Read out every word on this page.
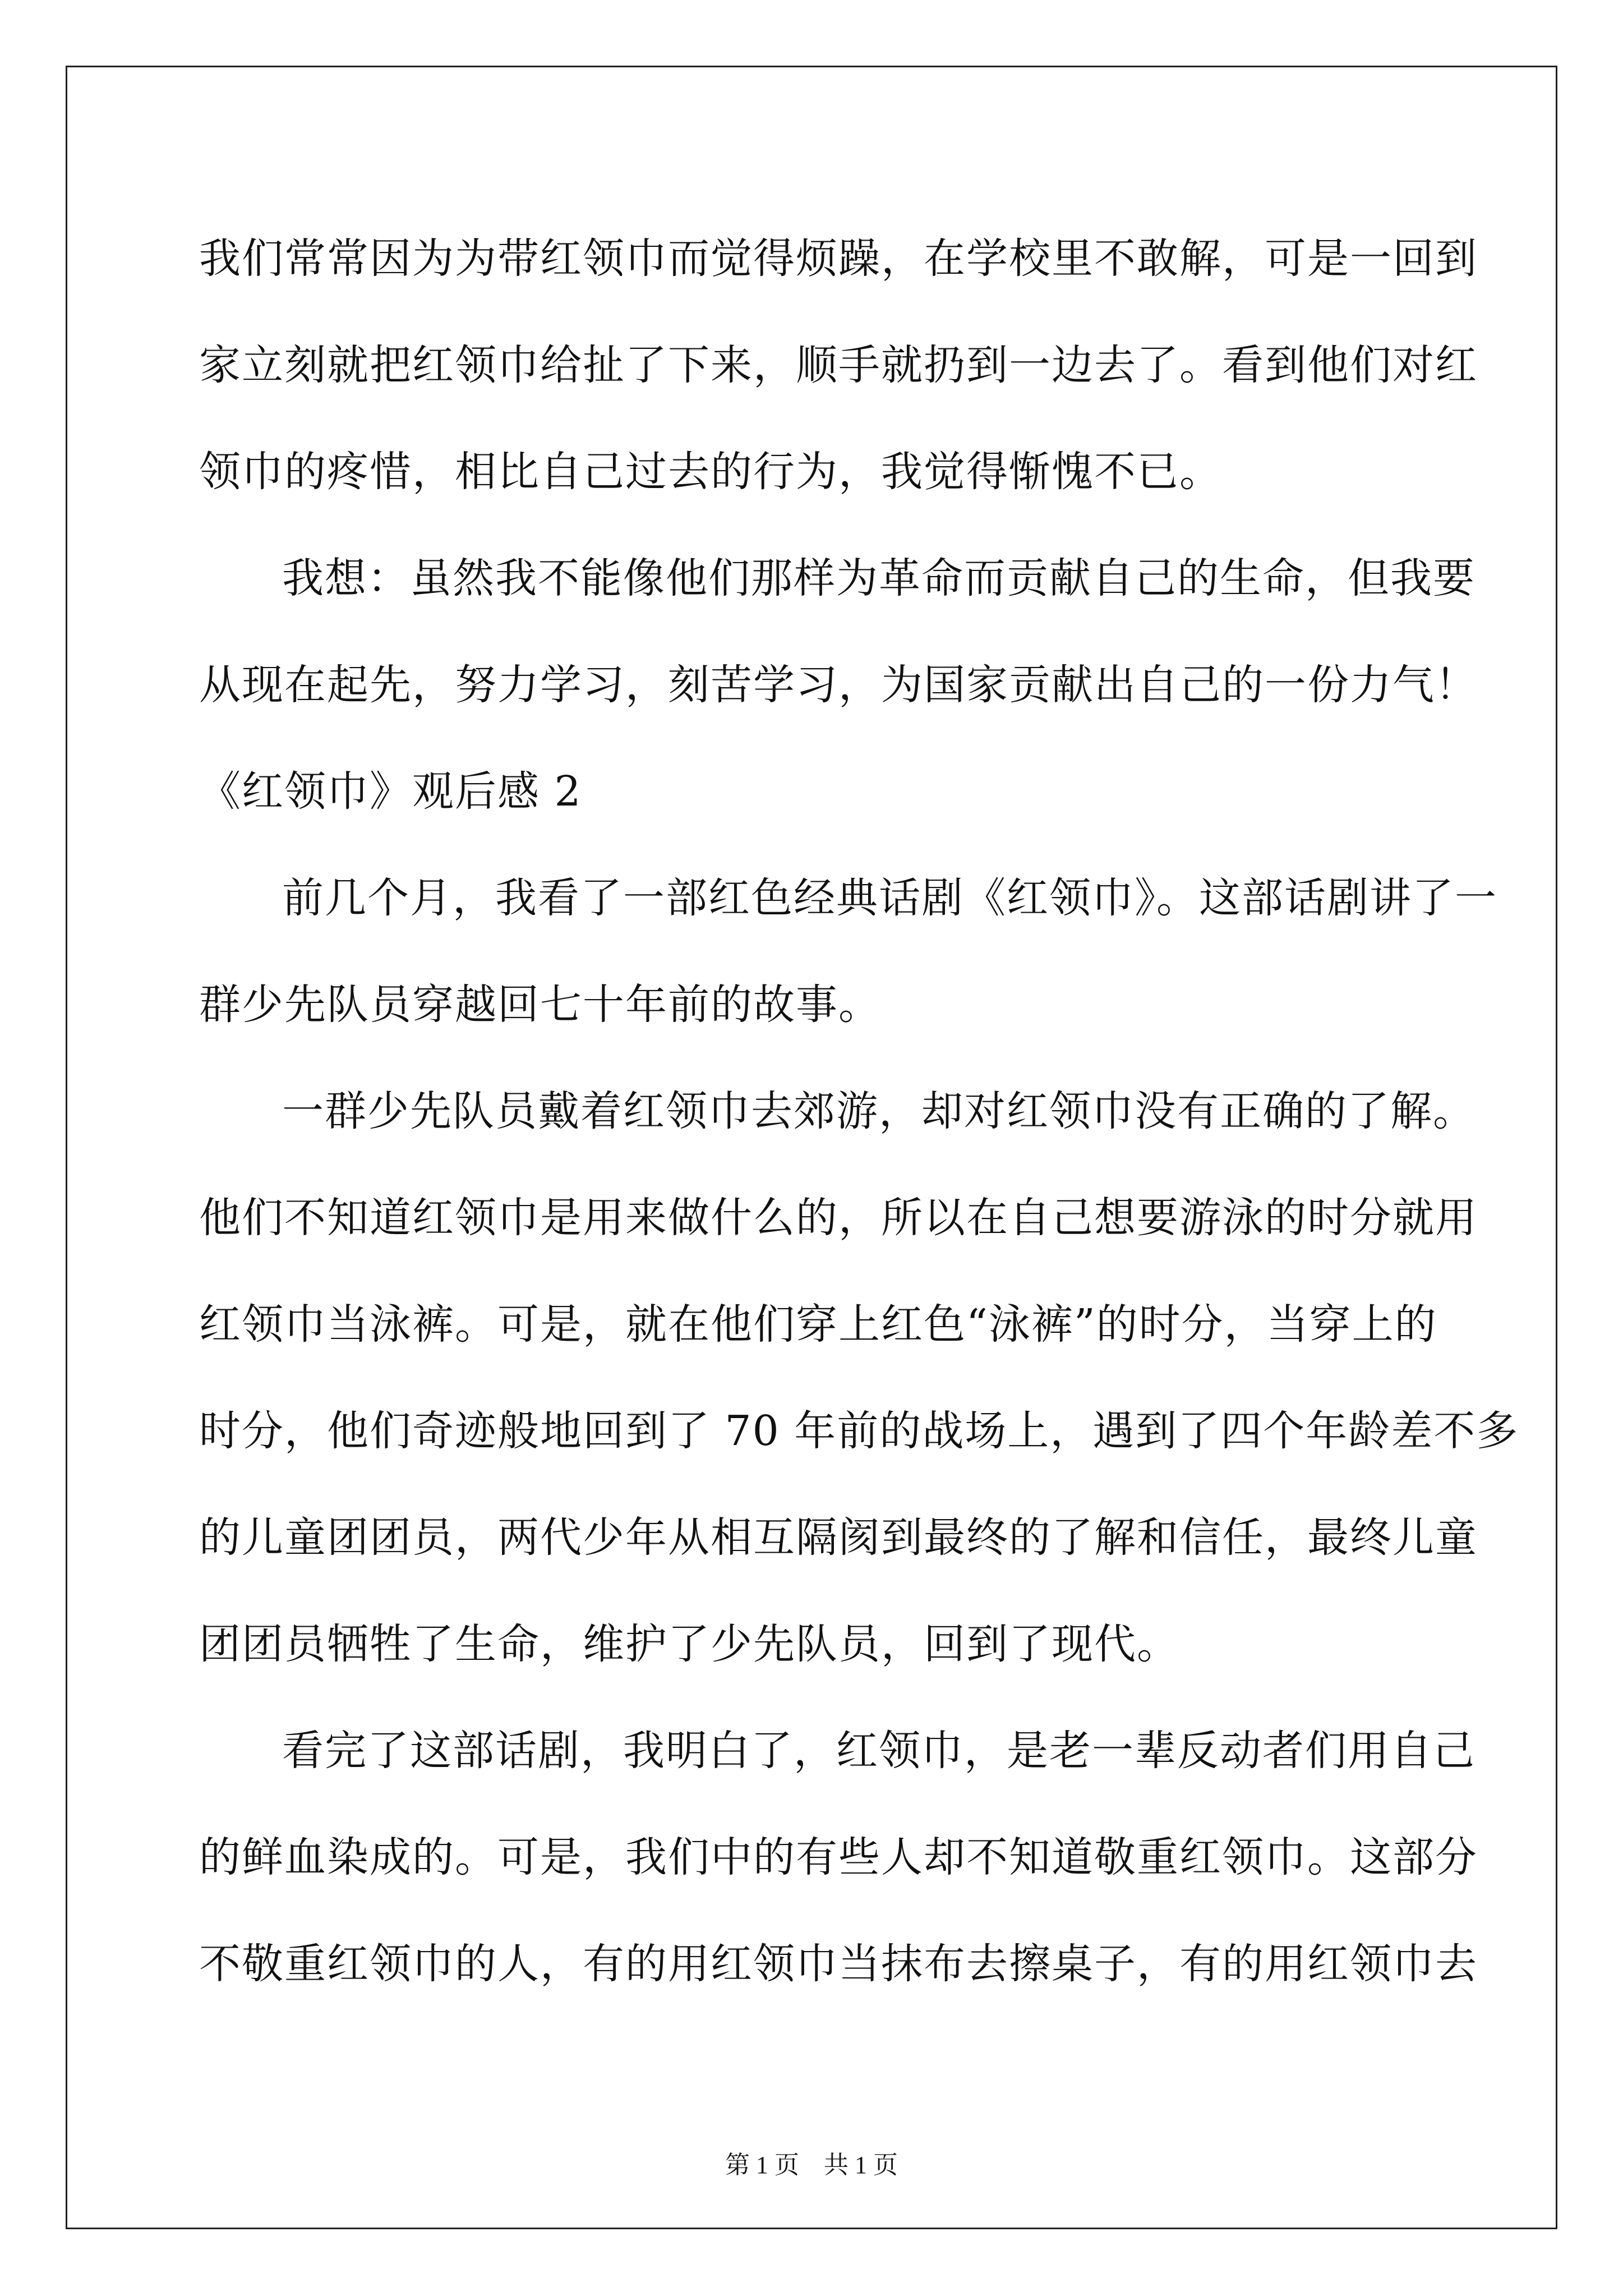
我们常常因为为带红领巾而觉得烦躁，在学校里不敢解，可是一回到
家立刻就把红领巾给扯了下来，顺手就扔到一边去了。看到他们对红
领巾的疼惜，相比自己过去的行为，我觉得惭愧不已。
我想：虽然我不能像他们那样为革命而贡献自己的生命，但我要
从现在起先，努力学习，刻苦学习，为国家贡献出自己的一份力气！
《红领巾》观后感 2
前几个月，我看了一部红色经典话剧《红领巾》。这部话剧讲了一
群少先队员穿越回七十年前的故事。
一群少先队员戴着红领巾去郊游，却对红领巾没有正确的了解。
他们不知道红领巾是用来做什么的，所以在自己想要游泳的时分就用
红领巾当泳裤。可是，就在他们穿上红色“泳裤”的时分，当穿上的
时分，他们奇迹般地回到了 70 年前的战场上，遇到了四个年龄差不多
的儿童团团员，两代少年从相互隔阂到最终的了解和信任，最终儿童
团团员牺牲了生命，维护了少先队员，回到了现代。
看完了这部话剧，我明白了，红领巾，是老一辈反动者们用自己
的鲜血染成的。可是，我们中的有些人却不知道敬重红领巾。这部分
不敬重红领巾的人，有的用红领巾当抹布去擦桌子，有的用红领巾去
第 1 页　共 1 页
